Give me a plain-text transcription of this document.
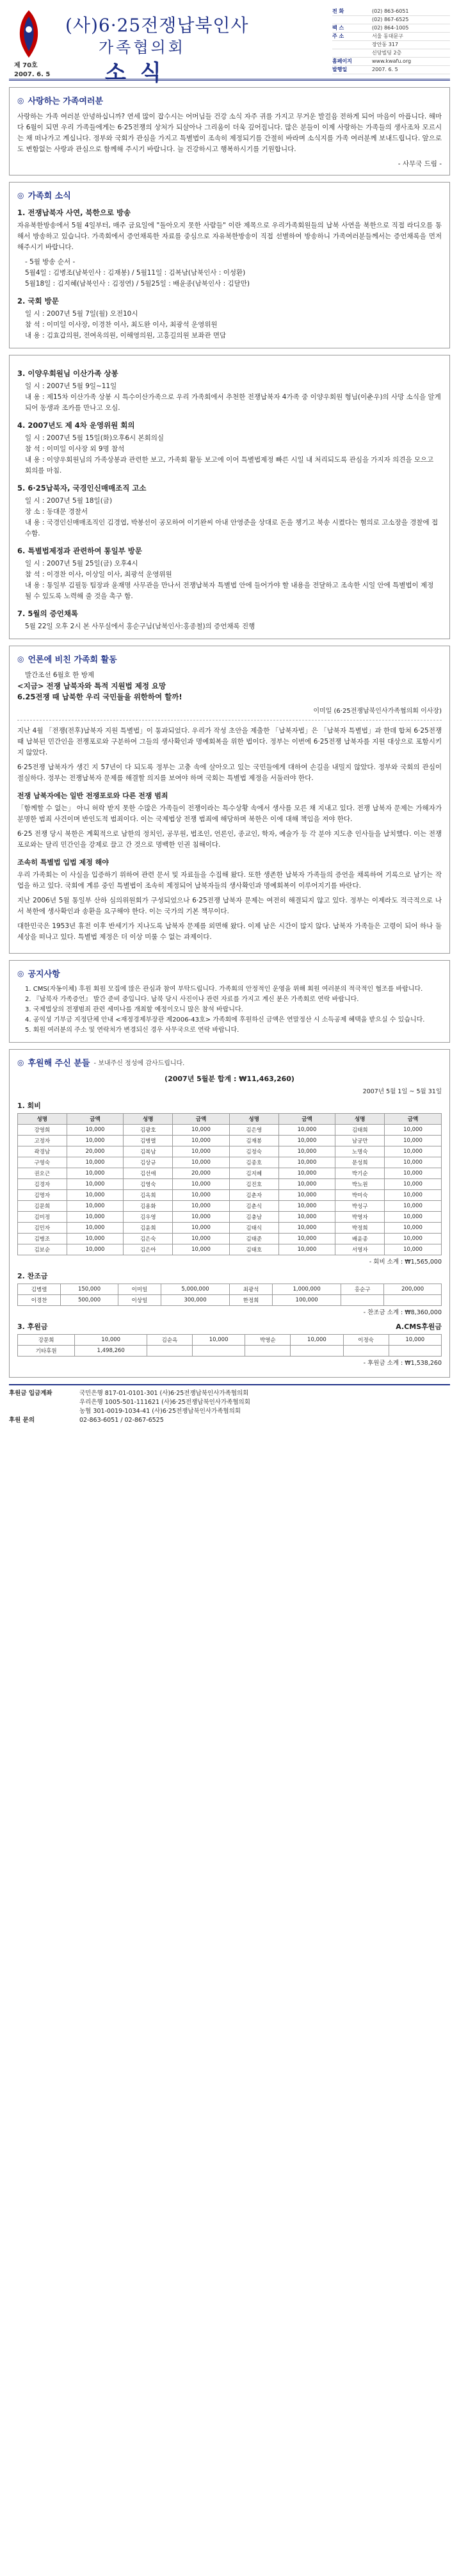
(사)6·25전쟁납북인사
가족협의회
소식
제 70호
2007. 6. 5
전 화	(02) 863-6051
(02) 867-6525
팩 스	(02) 864-1005
주 소	서울 동대문구
장안동 317
신당빌딩 2층
홈페이지	www.kwafu.org
발행일	2007. 6. 5
◎ 사랑하는 가족여러분

사랑하는 가족 여러분 안녕하십니까? 연세 많이 잡수시는 어머님들 건강 소식 자주 귀를 가지고 무거운 발걸음 전하게 되어 마음이 아픕니다. 해마다 6월이 되면 우리 가족들에게는 6·25전쟁의 상처가 되살아나 그리움이 더욱 깊어집니다. 많은 분들이 이제 사랑하는 가족들의 생사조차 모르시는 채 떠나가고 계십니다. 정부와 국회가 관심을 가지고 특별법이 조속히 제정되기를 간절히 바라며 소식지를 가족 여러분께 보내드립니다. 앞으로도 변함없는 사랑과 관심으로 함께해 주시기 바랍니다. 늘 건강하시고 행복하시기를 기원합니다.

- 사무국 드림 -
◎ 가족회 소식
1. 전쟁납북자 사연, 북한으로 방송

자유북한방송에서 5월 4일부터, 매주 금요일에 "돌아오지 못한 사람들" 이란 제목으로 우리가족회원들의 납북 사연을 북한으로 직접 라디오를 통해서 방송하고 있습니다. 가족회에서 증언채록한 자료를 중심으로 자유북한방송이 직접 선별하여 방송하니 가족여러분들께서는 증언채록을 먼저 해주시기 바랍니다.

- 5월 방송 순서 -
5월4일 : 김병조(남북인사 : 김재봉) / 5월11일 : 김복남(남북인사 : 이성환)
5월18일 : 김지혜(남북인사 : 김정연) / 5월25일 : 배윤종(남북인사 : 김달만)
2. 국회 방문
일 시 : 2007년 5월 7일(월) 오전10시
참 석 : 이미일 이사장, 이경찬 이사, 최도완 이사, 최광석 운영위원
내 용 : 김효갑의원, 전여옥의원, 이해영의원, 고흥길의원 보좌관 면담
3. 이양우회원님 이산가족 상봉
일 시 : 2007년 5월 9일~11일
내 용 : 제15차 이산가족 상봉 시 특수이산가족으로 우리 가족회에서 추천한 전쟁납북자 4가족 중 이양우회원 형님(이춘우)의 사망 소식을 알게 되어 동생과 조카를 만나고 오심.
4. 2007년도 제 4차 운영위원 회의
일 시 : 2007년 5월 15일(화)오후6시 본회의실
참 석 : 이미일 이사장 외 9명 참석
내 용 : 이양우회원님의 가족상봉과 관련한 보고, 가족회 활동 보고에 이어 특별법제정 빠른 시일 내 처리되도록 관심을 가지자 의견을 모으고 회의를 마침.
5. 6·25납북자, 국경인신매매조직 고소
일 시 : 2007년 5월 18일(금)
장 소 : 동대문 경찰서
내 용 : 국경인신매매조직인 김경엽, 박봉선이 공모하여 이기완씨 아내 안영준을 상대로 돈을 챙기고 북송 시켰다는 혐의로 고소장을 경찰에 접수함.
6. 특별법제정과 관련하여 통일부 방문
일 시 : 2007년 5월 25일(금) 오후4시
참 석 : 이경찬 이사, 이상일 이사, 최광석 운영위원
내 용 : 통일부 김필동 팀장과 윤재명 사무관을 만나서 전쟁납북자 특별법 안에 들어가야 할 내용을 전달하고 조속한 시일 안에 특별법이 제정 될 수 있도록 노력해 줄 것을 촉구 함.
7. 5월의 증언채록
5월 22일 오후 2시 본 사무실에서 홍순구님(남북인사:홍종철)의 증언채록 진행
◎ 언론에 비친 가족회 활동
발간조선 6월호 한 방제
<지금> 전쟁 납북자와 특적 지원법 제정 요망
6.25전쟁 때 납북한 우리 국민들을 위한하여 할까!
이미일 (6·25전쟁납북인사가족협의회 이사장)

지난 4월 「전쟁(전후)납북자 지원 특별법」이 통과되었다. 우리가 작성 초안을 제출한 「납북자법」은 「납북자 특별법」과 한데 합쳐 6·25전쟁 때 납북된 민간인을 전쟁포로와 구분하여 그들의 생사확인과 명예회복을 위한 법이다. 정부는 이번에 6·25전쟁 납북자를 지원 대상으로 포함시키지 않았다.

6·25전쟁 납북자가 생긴 지 57년이 다 되도록 정부는 고충 속에 살아오고 있는 국민들에게 대하여 손길을 내밀지 않았다. 정부와 국회의 관심이 절실하다. 정부는 전쟁납북자 문제를 해결할 의지를 보여야 하며 국회는 특별법 제정을 서둘러야 한다.

전쟁 납북자에는 일반 전쟁포로와 다른 전쟁 범죄

「함께할 수 없는」 아니 허락 받지 못한 수많은 가족들이 전쟁이라는 특수상황 속에서 생사를 모른 채 지내고 있다. 전쟁 납북자 문제는 가해자가 분명한 범죄 사건이며 반인도적 범죄이다. 이는 국제법상 전쟁 범죄에 해당하며 북한은 이에 대해 책임을 져야 한다.

6·25 전쟁 당시 북한은 계획적으로 남한의 정치인, 공무원, 법조인, 언론인, 종교인, 학자, 예술가 등 각 분야 지도층 인사들을 납치했다. 이는 전쟁포로와는 달리 민간인을 강제로 끌고 간 것으로 명백한 인권 침해이다.

조속히 특별법 입법 제정 해야

우리 가족회는 이 사실을 입증하기 위하여 관련 문서 및 자료들을 수집해 왔다. 또한 생존한 납북자 가족들의 증언을 채록하여 기록으로 남기는 작업을 하고 있다. 국회에 계류 중인 특별법이 조속히 제정되어 납북자들의 생사확인과 명예회복이 이루어지기를 바란다.

지난 2006년 5월 통일부 산하 심의위원회가 구성되었으나 6·25전쟁 납북자 문제는 여전히 해결되지 않고 있다. 정부는 이제라도 적극적으로 나서 북한에 생사확인과 송환을 요구해야 한다. 이는 국가의 기본 책무이다.

대한민국은 1953년 휴전 이후 반세기가 지나도록 납북자 문제를 외면해 왔다. 이제 남은 시간이 많지 않다. 납북자 가족들은 고령이 되어 하나 둘 세상을 떠나고 있다. 특별법 제정은 더 이상 미룰 수 없는 과제이다.

◎ 공지사항
1. CMS(자동이체) 후원 회원 모집에 많은 관심과 참여 부탁드립니다. 가족회의 안정적인 운영을 위해 회원 여러분의 적극적인 협조를 바랍니다.
2. 『납북자 가족증언』 발간 준비 중입니다. 납북 당시 사진이나 관련 자료를 가지고 계신 분은 가족회로 연락 바랍니다.
3. 국제법상의 전쟁범죄 관련 세미나를 개최할 예정이오니 많은 참석 바랍니다.
4. 공익성 기부금 지정단체 안내 <재정경제부장관 제2006-43호> 가족회에 후원하신 금액은 연말정산 시 소득공제 혜택을 받으실 수 있습니다.
5. 회원 여러분의 주소 및 연락처가 변경되신 경우 사무국으로 연락 바랍니다.
◎ 후원해 주신 분들 - 보내주신 정성에 감사드립니다.
(2007년 5월분 합계 : ₩11,463,260)
2007년 5월 1일 ~ 5월 31일
1. 회비
성명	금액	성명	금액	성명	금액	성명	금액
강영희	10,000	김광호	10,000	김은영	10,000	김태희	10,000
고정자	10,000	김병렬	10,000	김재봉	10,000	남궁만	10,000
곽경남	20,000	김복남	10,000	김정숙	10,000	노명숙	10,000
구영숙	10,000	김상규	10,000	김종호	10,000	문성희	10,000
권오근	10,000	김선애	20,000	김지혜	10,000	박기순	10,000
김경자	10,000	김영숙	10,000	김진호	10,000	박노원	10,000
김명자	10,000	김옥희	10,000	김춘자	10,000	박미숙	10,000
김문희	10,000	김용화	10,000	김춘식	10,000	박성구	10,000
김미정	10,000	김우영	10,000	김충남	10,000	박영자	10,000
김민자	10,000	김윤희	10,000	김태식	10,000	박정희	10,000
김병조	10,000	김은숙	10,000	김태준	10,000	배윤종	10,000
김보순	10,000	김은아	10,000	김태호	10,000	서영자	10,000
- 회비 소계 : ₩1,565,000
2. 찬조금
김병렬	150,000	이미일	5,000,000	최광석	1,000,000	홍순구	200,000
이경찬	500,000	이상일	300,000	한정희	100,000		
- 찬조금 소계 : ₩8,360,000
3. 후원금	A.CMS후원금
강문희	10,000	김순옥	10,000	박영순	10,000	이정숙	10,000
기타후원	1,498,260						
- 후원금 소계 : ₩1,538,260
후원금 입금계좌	국민은행 817-01-0101-301 (사)6·25전쟁납북인사가족협의회
우리은행 1005-501-111621 (사)6·25전쟁납북인사가족협의회
농협 301-0019-1034-41 (사)6·25전쟁납북인사가족협의회
후원 문의	02-863-6051 / 02-867-6525
